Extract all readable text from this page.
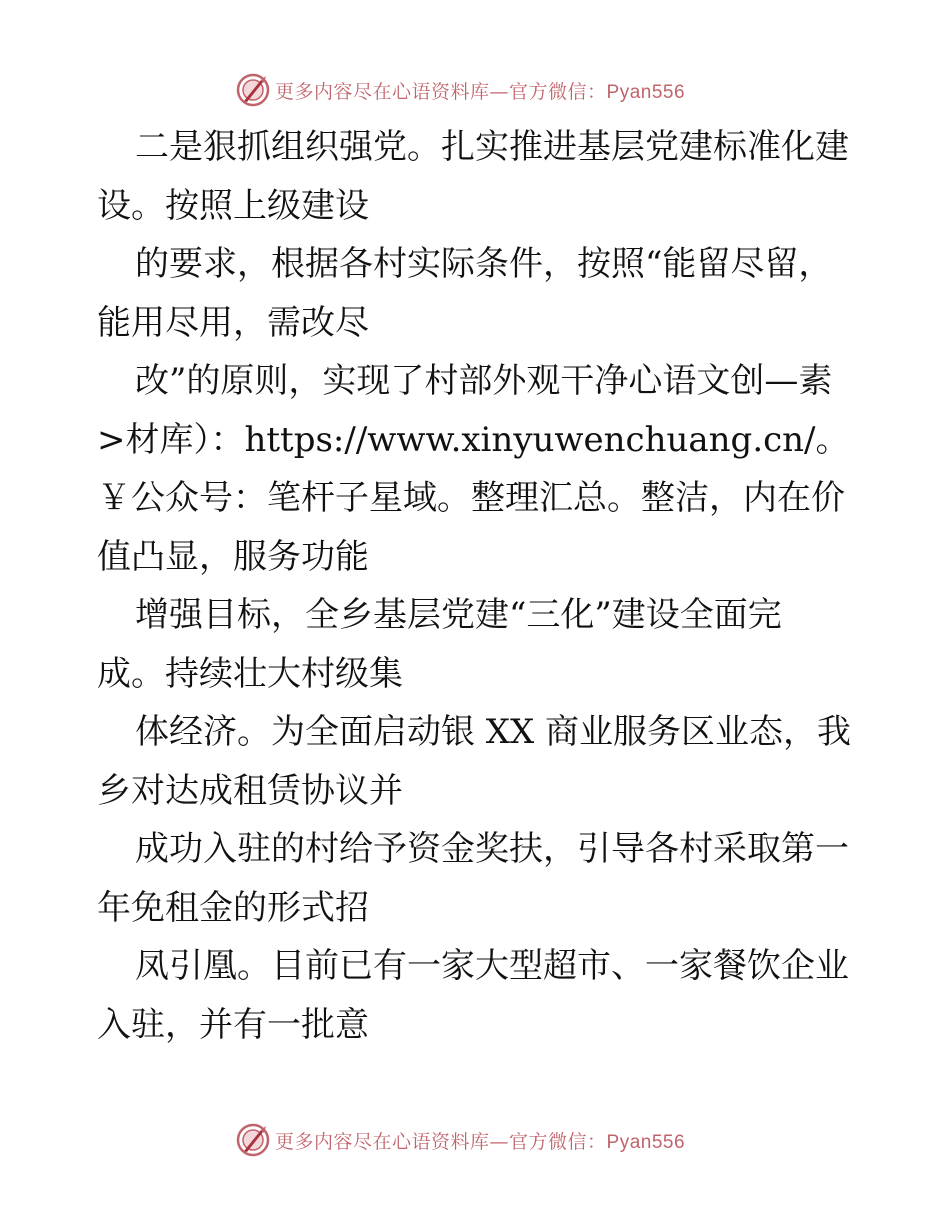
更多内容尽在心语资料库—官方微信：Pyan556
二是狠抓组织强党。扎实推进基层党建标准化建
设。按照上级建设
的要求，根据各村实际条件，按照“能留尽留，
能用尽用，需改尽
改”的原则，实现了村部外观干净心语文创—素
>材库）：https://www.xinyuwenchuang.cn/。
￥公众号：笔杆子星域。整理汇总。整洁，内在价
值凸显，服务功能
增强目标，全乡基层党建“三化”建设全面完
成。持续壮大村级集
体经济。为全面启动银 XX 商业服务区业态，我
乡对达成租赁协议并
成功入驻的村给予资金奖扶，引导各村采取第一
年免租金的形式招
凤引凰。目前已有一家大型超市、一家餐饮企业
入驻，并有一批意
更多内容尽在心语资料库—官方微信：Pyan556
